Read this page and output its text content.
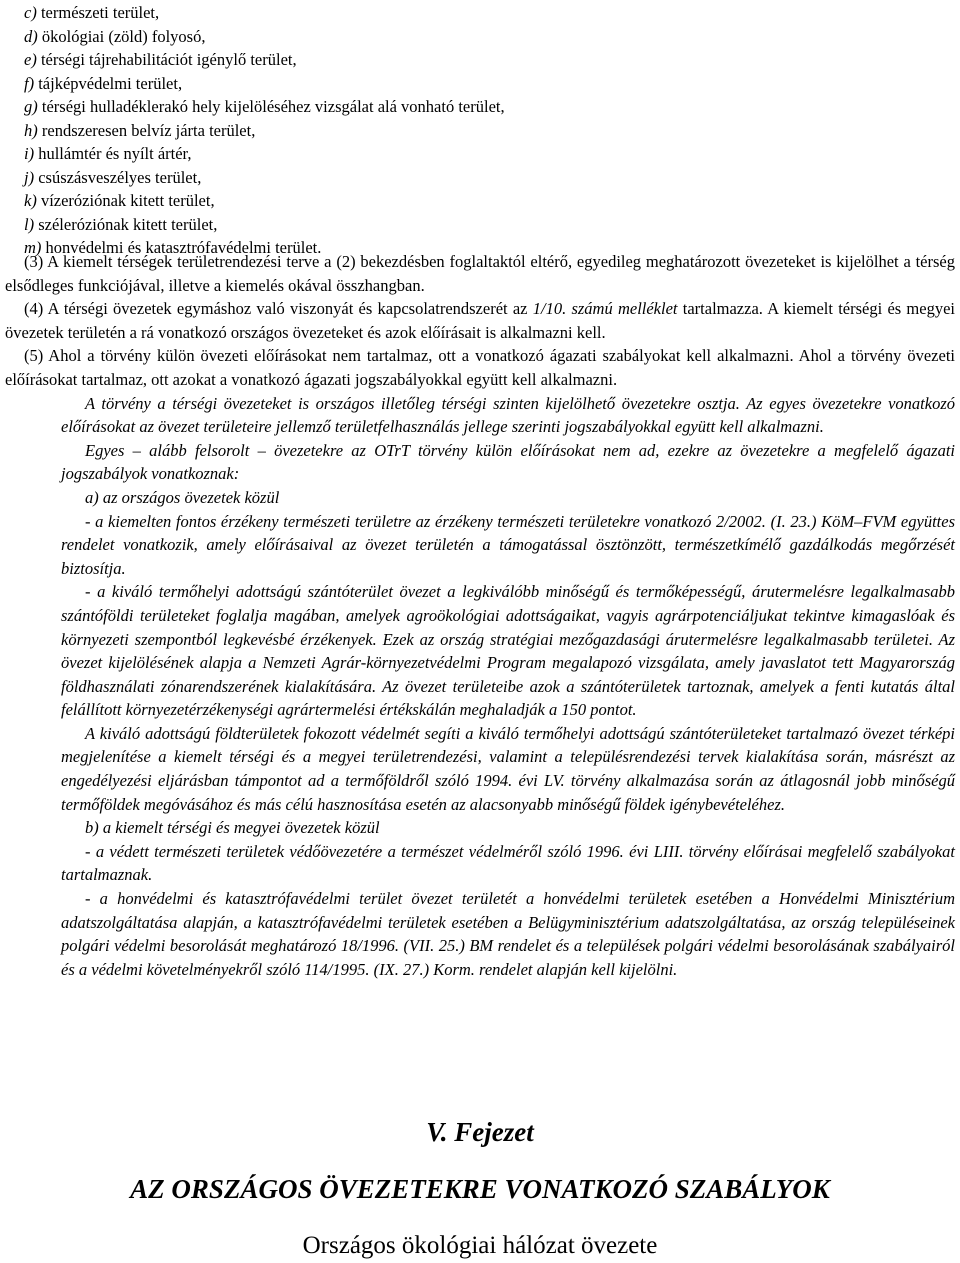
c) természeti terület,
d) ökológiai (zöld) folyosó,
e) térségi tájrehabilitációt igénylő terület,
f) tájképvédelmi terület,
g) térségi hulladéklerakó hely kijelöléséhez vizsgálat alá vonható terület,
h) rendszeresen belvíz járta terület,
i) hullámtér és nyílt ártér,
j) csúszásveszélyes terület,
k) vízeróziónak kitett terület,
l) széleróziónak kitett terület,
m) honvédelmi és katasztrófavédelmi terület.

(3) A kiemelt térségek területrendezési terve a (2) bekezdésben foglaltaktól eltérő, egyedileg meghatározott övezeteket is kijelölhet a térség elsődleges funkciójával, illetve a kiemelés okával összhangban.

(4) A térségi övezetek egymáshoz való viszonyát és kapcsolatrendszerét az 1/10. számú melléklet tartalmazza. A kiemelt térségi és megyei övezetek területén a rá vonatkozó országos övezeteket és azok előírásait is alkalmazni kell.

(5) Ahol a törvény külön övezeti előírásokat nem tartalmaz, ott a vonatkozó ágazati szabályokat kell alkalmazni. Ahol a törvény övezeti előírásokat tartalmaz, ott azokat a vonatkozó ágazati jogszabályokkal együtt kell alkalmazni.

A törvény a térségi övezeteket is országos illetőleg térségi szinten kijelölhető övezetekre osztja. Az egyes övezetekre vonatkozó előírásokat az övezet területeire jellemző területfelhasználás jellege szerinti jogszabályokkal együtt kell alkalmazni.

Egyes – alább felsorolt – övezetekre az OTrT törvény külön előírásokat nem ad, ezekre az övezetekre a megfelelő ágazati jogszabályok vonatkoznak:

a) az országos övezetek közül

- a kiemelten fontos érzékeny természeti területre az érzékeny természeti területekre vonatkozó 2/2002. (I. 23.) KöM–FVM együttes rendelet vonatkozik, amely előírásaival az övezet területén a támogatással ösztönzött, természetkímélő gazdálkodás megőrzését biztosítja.

- a kiváló termőhelyi adottságú szántóterület övezet a legkiválóbb minőségű és termőképességű, árutermelésre legalkalmasabb szántóföldi területeket foglalja magában, amelyek agroökológiai adottságaikat, vagyis agrárpotenciáljukat tekintve kimagaslóak és környezeti szempontból legkevésbé érzékenyek. Ezek az ország stratégiai mezőgazdasági árutermelésre legalkalmasabb területei. Az övezet kijelölésének alapja a Nemzeti Agrár-környezetvédelmi Program megalapozó vizsgálata, amely javaslatot tett Magyarország földhasználati zónarendszerének kialakítására. Az övezet területeibe azok a szántóterületek tartoznak, amelyek a fenti kutatás által felállított környezetérzékenységi agrártermelési értékskálán meghaladják a 150 pontot.

A kiváló adottságú földterületek fokozott védelmét segíti a kiváló termőhelyi adottságú szántóterületeket tartalmazó övezet térképi megjelenítése a kiemelt térségi és a megyei területrendezési, valamint a településrendezési tervek kialakítása során, másrészt az engedélyezési eljárásban támpontot ad a termőföldről szóló 1994. évi LV. törvény alkalmazása során az átlagosnál jobb minőségű termőföldek megóvásához és más célú hasznosítása esetén az alacsonyabb minőségű földek igénybevételéhez.

b) a kiemelt térségi és megyei övezetek közül

- a védett természeti területek védőövezetére a természet védelméről szóló 1996. évi LIII. törvény előírásai megfelelő szabályokat tartalmaznak.

- a honvédelmi és katasztrófavédelmi terület övezet területét a honvédelmi területek esetében a Honvédelmi Minisztérium adatszolgáltatása alapján, a katasztrófavédelmi területek esetében a Belügyminisztérium adatszolgáltatása, az ország településeinek polgári védelmi besorolását meghatározó 18/1996. (VII. 25.) BM rendelet és a települések polgári védelmi besorolásának szabályairól és a védelmi követelményekről szóló 114/1995. (IX. 27.) Korm. rendelet alapján kell kijelölni.

V. Fejezet
AZ ORSZÁGOS ÖVEZETEKRE VONATKOZÓ SZABÁLYOK
Országos ökológiai hálózat övezete
